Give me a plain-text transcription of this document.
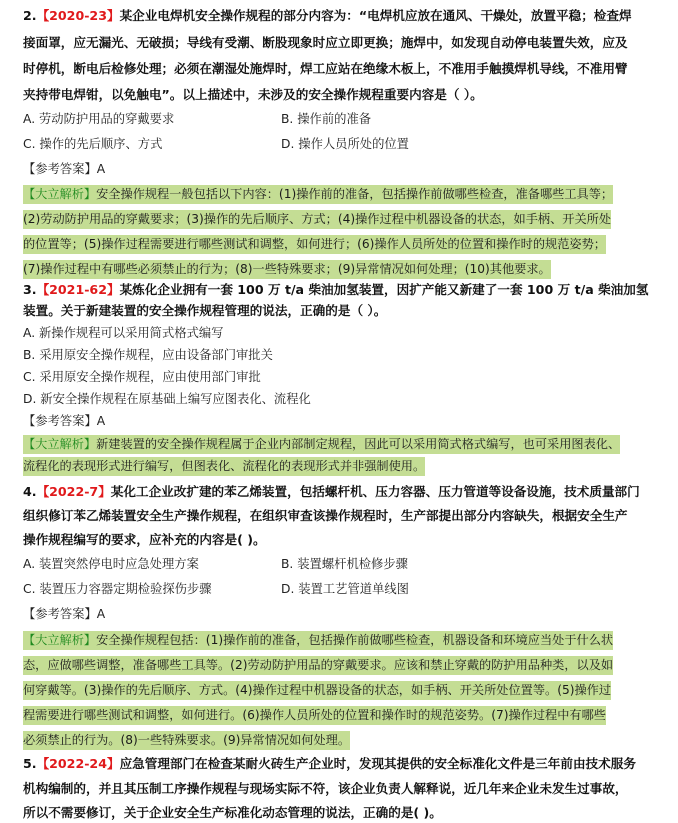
2.【2020-23】某企业电焊机安全操作规程的部分内容为：“电焊机应放在通风、干燥处，放置平稳；检查焊
接面罩，应无漏光、无破损；导线有受潮、断股现象时应立即更换；施焊中，如发现自动停电装置失效，应及
时停机，断电后检修处理；必须在潮湿处施焊时，焊工应站在绝缘木板上，不准用手触摸焊机导线，不准用臂
夹持带电焊钳，以免触电”。以上描述中，未涉及的安全操作规程重要内容是（ ）。
A. 劳动防护用品的穿戴要求	B. 操作前的准备
C. 操作的先后顺序、方式	D. 操作人员所处的位置
【参考答案】A
【大立解析】安全操作规程一般包括以下内容：(1)操作前的准备，包括操作前做哪些检查，准备哪些工具等；
(2)劳动防护用品的穿戴要求；(3)操作的先后顺序、方式；(4)操作过程中机器设备的状态，如手柄、开关所处
的位置等；(5)操作过程需要进行哪些测试和调整，如何进行；(6)操作人员所处的位置和操作时的规范姿势；
(7)操作过程中有哪些必须禁止的行为；(8)一些特殊要求；(9)异常情况如何处理；(10)其他要求。
3.【2021-62】某炼化企业拥有一套 100 万 t/a 柴油加氢装置，因扩产能又新建了一套 100 万 t/a 柴油加氢
装置。关于新建装置的安全操作规程管理的说法，正确的是（ ）。
A. 新操作规程可以采用简式格式编写
B. 采用原安全操作规程，应由设备部门审批关
C. 采用原安全操作规程，应由使用部门审批
D. 新安全操作规程在原基础上编写应图表化、流程化
【参考答案】A
【大立解析】新建装置的安全操作规程属于企业内部制定规程，因此可以采用简式格式编写，也可采用图表化、
流程化的表现形式进行编写，但图表化、流程化的表现形式并非强制使用。
4.【2022-7】某化工企业改扩建的苯乙烯装置，包括螺杆机、压力容器、压力管道等设备设施，技术质量部门
组织修订苯乙烯装置安全生产操作规程，在组织审查该操作规程时，生产部提出部分内容缺失，根据安全生产
操作规程编写的要求，应补充的内容是( )。
A. 装置突然停电时应急处理方案	B. 装置螺杆机检修步骤
C. 装置压力容器定期检验探伤步骤	D. 装置工艺管道单线图
【参考答案】A
【大立解析】安全操作规程包括：(1)操作前的准备，包括操作前做哪些检查，机器设备和环境应当处于什么状
态，应做哪些调整，准备哪些工具等。(2)劳动防护用品的穿戴要求。应该和禁止穿戴的防护用品种类，以及如
何穿戴等。(3)操作的先后顺序、方式。(4)操作过程中机器设备的状态，如手柄、开关所处位置等。(5)操作过
程需要进行哪些测试和调整，如何进行。(6)操作人员所处的位置和操作时的规范姿势。(7)操作过程中有哪些
必须禁止的行为。(8)一些特殊要求。(9)异常情况如何处理。
5.【2022-24】应急管理部门在检查某耐火砖生产企业时，发现其提供的安全标准化文件是三年前由技术服务
机构编制的，并且其压制工序操作规程与现场实际不符，该企业负责人解释说，近几年来企业未发生过事故，
所以不需要修订，关于企业安全生产标准化动态管理的说法，正确的是( )。
